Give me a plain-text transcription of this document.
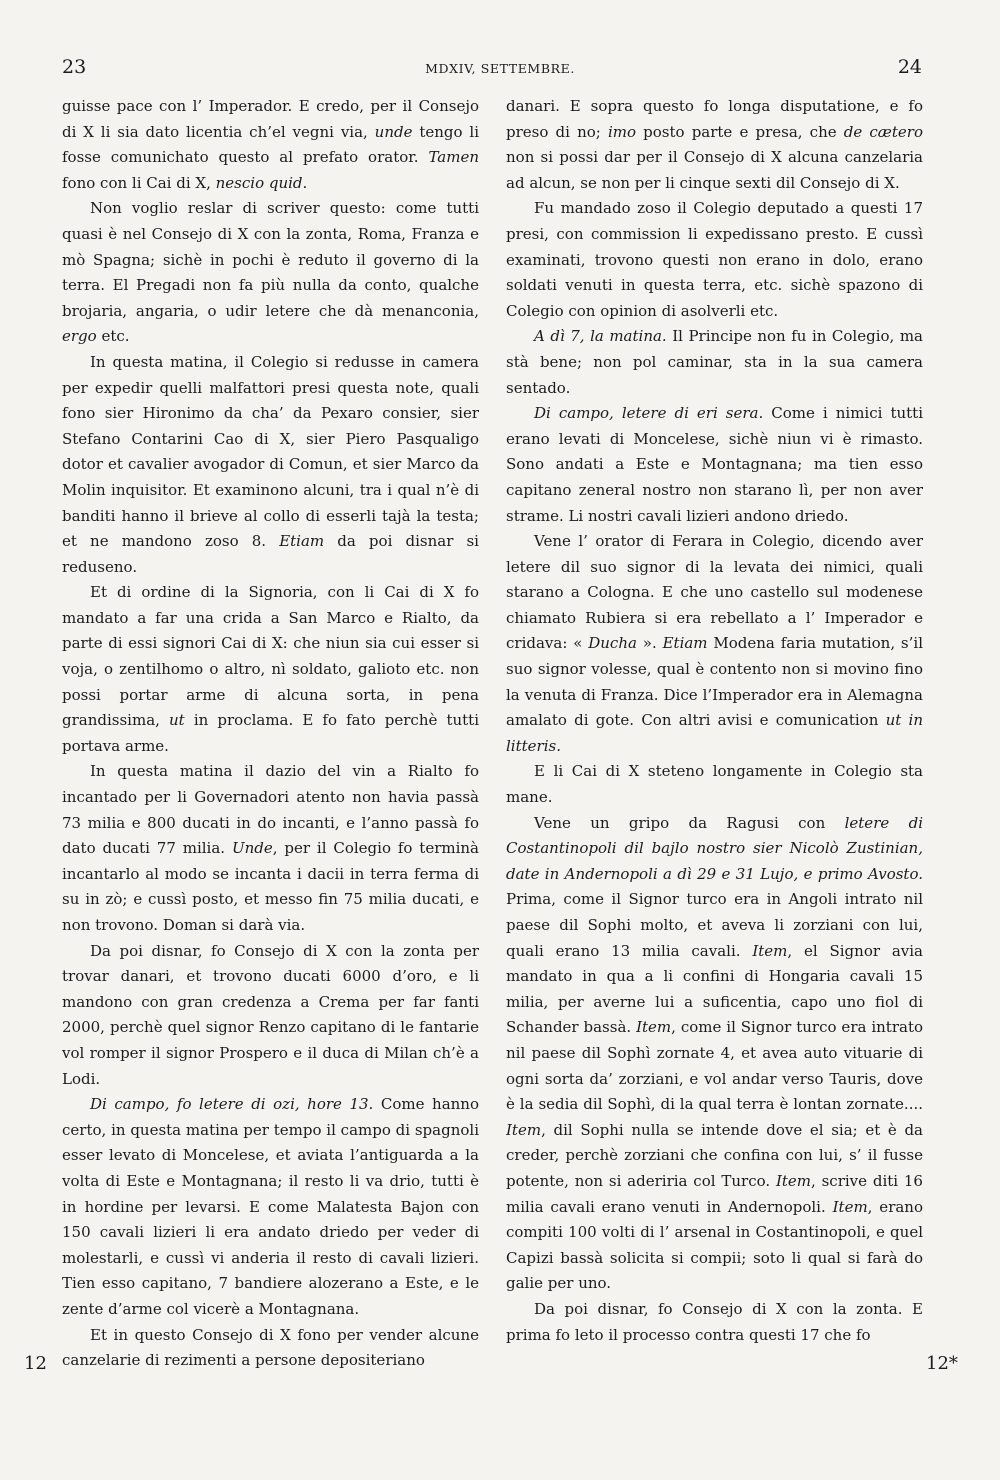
23	MDXIV, SETTEMBRE.	24

guisse pace con l’ Imperador. E credo, per il Consejo di X li sia dato licentia ch’el vegni via, unde tengo li fosse comunichato questo al prefato orator. Tamen fono con li Cai di X, nescio quid.

Non voglio reslar di scriver questo: come tutti quasi è nel Consejo di X con la zonta, Roma, Franza e mò Spagna; sichè in pochi è reduto il governo di la terra. El Pregadi non fa più nulla da conto, qualche brojaria, angaria, o udir letere che dà menanconia, ergo etc.

In questa matina, il Colegio si redusse in camera per expedir quelli malfattori presi questa note, quali fono sier Hironimo da cha’ da Pexaro consier, sier Stefano Contarini Cao di X, sier Piero Pasqualigo dotor et cavalier avogador di Comun, et sier Marco da Molin inquisitor. Et examinono alcuni, tra i qual n’è di banditi hanno il brieve al collo di esserli tajà la testa; et ne mandono zoso 8. Etiam da poi disnar si reduseno.

Et di ordine di la Signoria, con li Cai di X fo mandato a far una crida a San Marco e Rialto, da parte di essi signori Cai di X: che niun sia cui esser si voja, o zentilhomo o altro, nì soldato, galioto etc. non possi portar arme di alcuna sorta, in pena grandissima, ut in proclama. E fo fato perchè tutti portava arme.

In questa matina il dazio del vin a Rialto fo incantado per li Governadori atento non havia passà 73 milia e 800 ducati in do incanti, e l’anno passà fo dato ducati 77 milia. Unde, per il Colegio fo terminà incantarlo al modo se incanta i dacii in terra ferma di su in zò; e cussì posto, et messo fin 75 milia ducati, e non trovono. Doman si darà via.

Da poi disnar, fo Consejo di X con la zonta per trovar danari, et trovono ducati 6000 d’oro, e li mandono con gran credenza a Crema per far fanti 2000, perchè quel signor Renzo capitano di le fantarie vol romper il signor Prospero e il duca di Milan ch’è a Lodi.

Di campo, fo letere di ozi, hore 13. Come hanno certo, in questa matina per tempo il campo di spagnoli esser levato di Moncelese, et aviata l’antiguarda a la volta di Este e Montagnana; il resto li va drio, tutti è in hordine per levarsi. E come Malatesta Bajon con 150 cavali lizieri li era andato driedo per veder di molestarli, e cussì vi anderia il resto di cavali lizieri. Tien esso capitano, 7 bandiere alozerano a Este, e le zente d’arme col vicerè a Montagnana.

Et in questo Consejo di X fono per vender alcune canzelarie di rezimenti a persone depositeriano

danari. E sopra questo fo longa disputatione, e fo preso di no; imo posto parte e presa, che de cætero non si possi dar per il Consejo di X alcuna canzelaria ad alcun, se non per li cinque sexti dil Consejo di X.

Fu mandado zoso il Colegio deputado a questi 17 presi, con commission li expedissano presto. E cussì examinati, trovono questi non erano in dolo, erano soldati venuti in questa terra, etc. sichè spazono di Colegio con opinion di asolverli etc.

A dì 7, la matina. Il Principe non fu in Colegio, ma stà bene; non pol caminar, sta in la sua camera sentado.

Di campo, letere di eri sera. Come i nimici tutti erano levati di Moncelese, sichè niun vi è rimasto. Sono andati a Este e Montagnana; ma tien esso capitano zeneral nostro non starano lì, per non aver strame. Li nostri cavali lizieri andono driedo.

Vene l’ orator di Ferara in Colegio, dicendo aver letere dil suo signor di la levata dei nimici, quali starano a Cologna. E che uno castello sul modenese chiamato Rubiera si era rebellato a l’ Imperador e cridava: « Ducha ». Etiam Modena faria mutation, s’il suo signor volesse, qual è contento non si movino fino la venuta di Franza. Dice l’Imperador era in Alemagna amalato di gote. Con altri avisi e comunication ut in litteris.

E li Cai di X steteno longamente in Colegio sta mane.

Vene un gripo da Ragusi con letere di Costantinopoli dil bajlo nostro sier Nicolò Zustinian, date in Andernopoli a dì 29 e 31 Lujo, e primo Avosto. Prima, come il Signor turco era in Angoli intrato nil paese dil Sophi molto, et aveva li zorziani con lui, quali erano 13 milia cavali. Item, el Signor avia mandato in qua a li confini di Hongaria cavali 15 milia, per averne lui a suficentia, capo uno fiol di Schander bassà. Item, come il Signor turco era intrato nil paese dil Sophì zornate 4, et avea auto vituarie di ogni sorta da’ zorziani, e vol andar verso Tauris, dove è la sedia dil Sophì, di la qual terra è lontan zornate.... Item, dil Sophi nulla se intende dove el sia; et è da creder, perchè zorziani che confina con lui, s’ il fusse potente, non si aderiria col Turco. Item, scrive diti 16 milia cavali erano venuti in Andernopoli. Item, erano compiti 100 volti di l’ arsenal in Costantinopoli, e quel Capizi bassà solicita si compii; soto li qual si farà do galie per uno.

Da poi disnar, fo Consejo di X con la zonta. E prima fo leto il processo contra questi 17 che fo

12	12*
